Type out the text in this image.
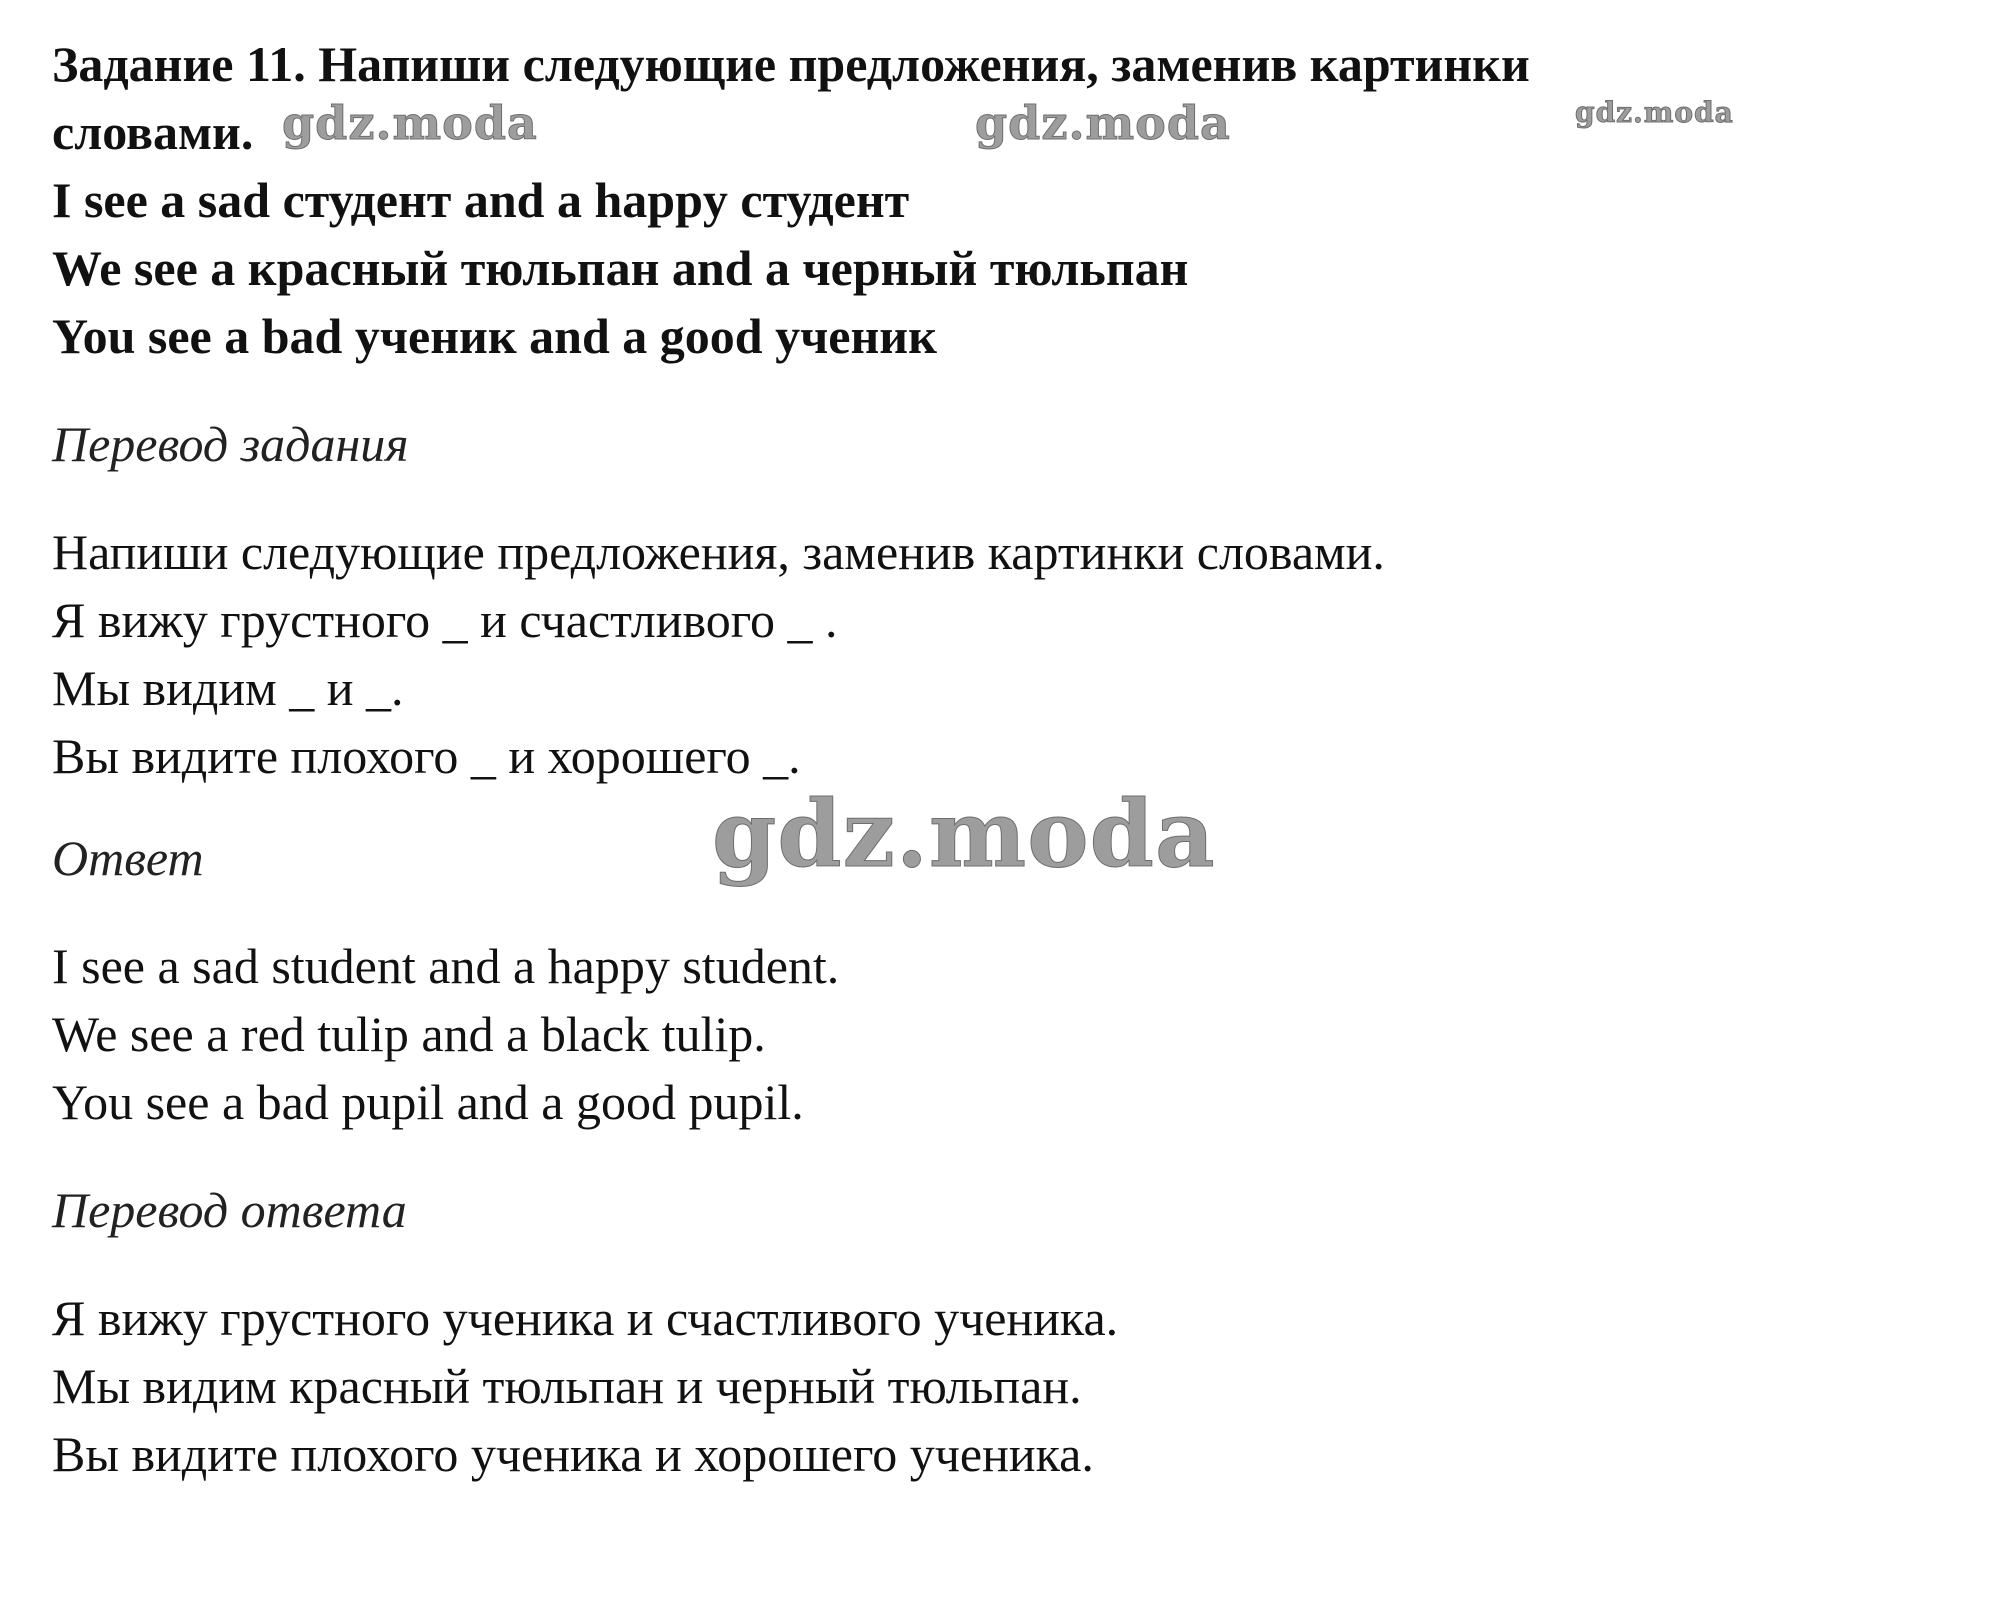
Задание 11. Напиши следующие предложения, заменив картинки
словами.
I see a sad студент and a happy студент
We see a красный тюльпан and a черный тюльпан
You see a bad ученик and a good ученик
Перевод задания
Напиши следующие предложения, заменив картинки словами.
Я вижу грустного _ и счастливого _ .
Мы видим _ и _.
Вы видите плохого _ и хорошего _.
Ответ
I see a sad student and a happy student.
We see a red tulip and a black tulip.
You see a bad pupil and a good pupil.
Перевод ответа
Я вижу грустного ученика и счастливого ученика.
Мы видим красный тюльпан и черный тюльпан.
Вы видите плохого ученика и хорошего ученика.
gdz.moda	gdz.moda	gdz.moda
gdz.moda
